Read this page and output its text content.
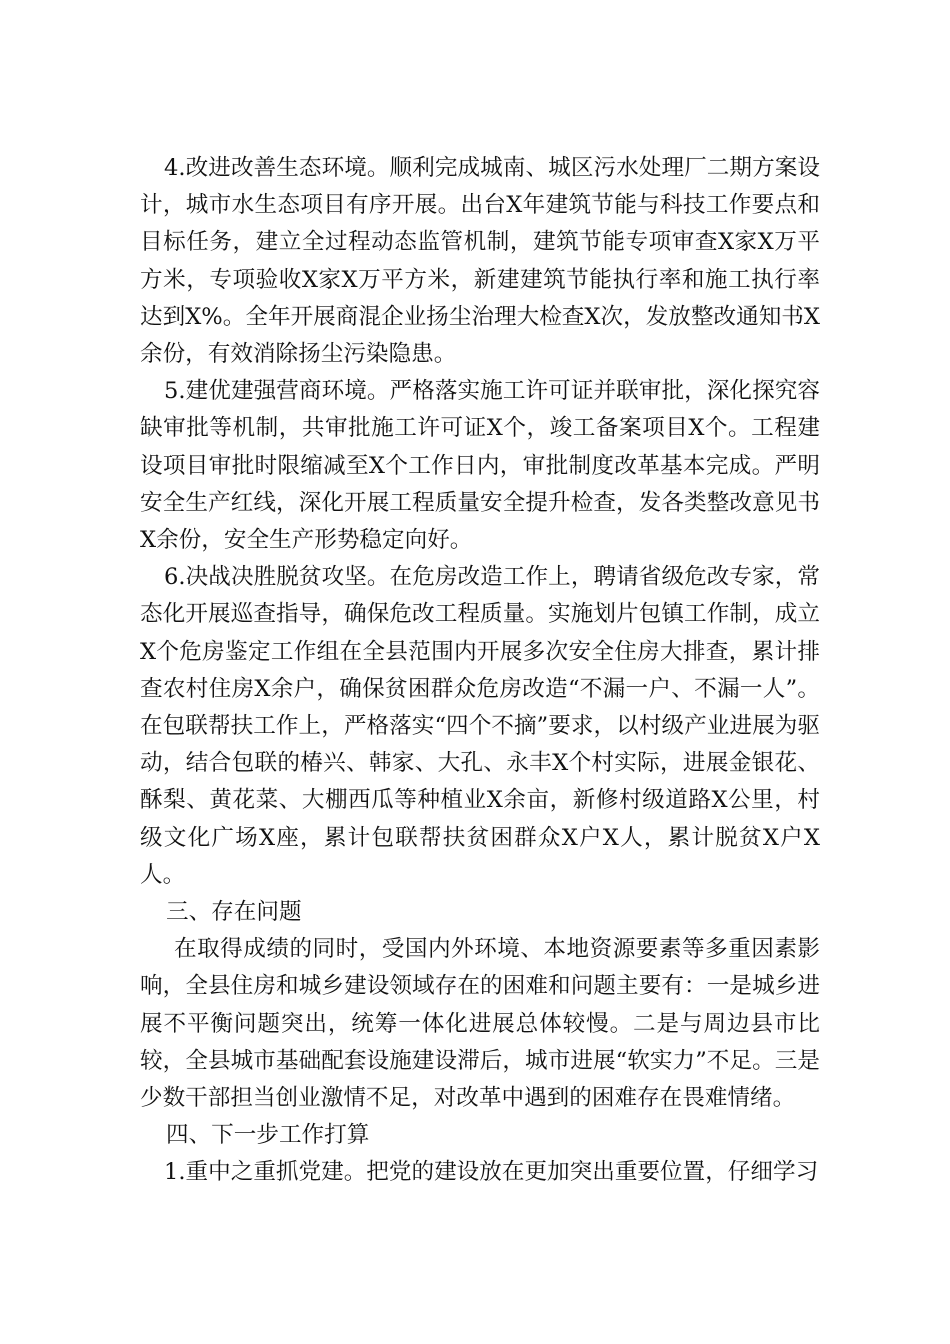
4.改进改善生态环境。顺利完成城南、城区污水处理厂二期方案设计，城市水生态项目有序开展。出台X年建筑节能与科技工作要点和目标任务，建立全过程动态监管机制，建筑节能专项审查X家X万平方米，专项验收X家X万平方米，新建建筑节能执行率和施工执行率达到X%。全年开展商混企业扬尘治理大检查X次，发放整改通知书X余份，有效消除扬尘污染隐患。

5.建优建强营商环境。严格落实施工许可证并联审批，深化探究容缺审批等机制，共审批施工许可证X个，竣工备案项目X个。工程建设项目审批时限缩减至X个工作日内，审批制度改革基本完成。严明安全生产红线，深化开展工程质量安全提升检查，发各类整改意见书X余份，安全生产形势稳定向好。

6.决战决胜脱贫攻坚。在危房改造工作上，聘请省级危改专家，常态化开展巡查指导，确保危改工程质量。实施划片包镇工作制，成立X个危房鉴定工作组在全县范围内开展多次安全住房大排查，累计排查农村住房X余户，确保贫困群众危房改造“不漏一户、不漏一人”。在包联帮扶工作上，严格落实“四个不摘”要求，以村级产业进展为驱动，结合包联的椿兴、韩家、大孔、永丰X个村实际，进展金银花、酥梨、黄花菜、大棚西瓜等种植业X余亩，新修村级道路X公里，村级文化广场X座，累计包联帮扶贫困群众X户X人，累计脱贫X户X人。

三、存在问题

在取得成绩的同时，受国内外环境、本地资源要素等多重因素影响，全县住房和城乡建设领域存在的困难和问题主要有：一是城乡进展不平衡问题突出，统筹一体化进展总体较慢。二是与周边县市比较，全县城市基础配套设施建设滞后，城市进展“软实力”不足。三是少数干部担当创业激情不足，对改革中遇到的困难存在畏难情绪。

四、下一步工作打算

1.重中之重抓党建。把党的建设放在更加突出重要位置，仔细学习
